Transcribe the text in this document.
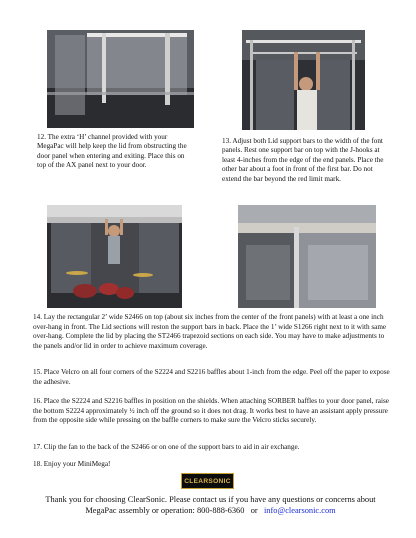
12. The extra ‘H’ channel provided with your MegaPac will help keep the lid from obstructing the door panel when entering and exiting. Place this on top of the AX panel next to your door.

13. Adjust both Lid support bars to the width of the font panels. Rest one support bar on top with the J-hooks at least 4-inches from the edge of the end panels. Place the other bar about a foot in front of the first bar. Do not extend the bar beyond the red limit mark.

14. Lay the rectangular 2’ wide S2466 on top (about six inches from the center of the front panels) with at least a one inch over-hang in front. The Lid sections will reston the support bars in back. Place the 1’ wide S1266 right next to it with same over-hang. Complete the lid by placing the ST2466 trapezoid sections on each side. You may have to make adjustments to the panels and/or lid in order to achieve maximum coverage.

15. Place Velcro on all four corners of the S2224 and S2216 baffles about 1-inch from the edge. Peel off the paper to expose the adhesive.

16. Place the S2224 and S2216 baffles in position on the shields. When attaching SORBER baffles to your door panel, raise the bottom S2224 approximately ½ inch off the ground so it does not drag. It works best to have an assistant apply pressure from the opposite side while pressing on the baffle corners to make sure the Velcro sticks securely.

17. Clip the fan to the back of the S2466 or on one of the support bars to aid in air exchange.

18. Enjoy your MiniMega!

CLEARSONIC

Thank you for choosing ClearSonic. Please contact us if you have any questions or concerns about
MegaPac assembly or operation: 800-888-6360 or info@clearsonic.com
